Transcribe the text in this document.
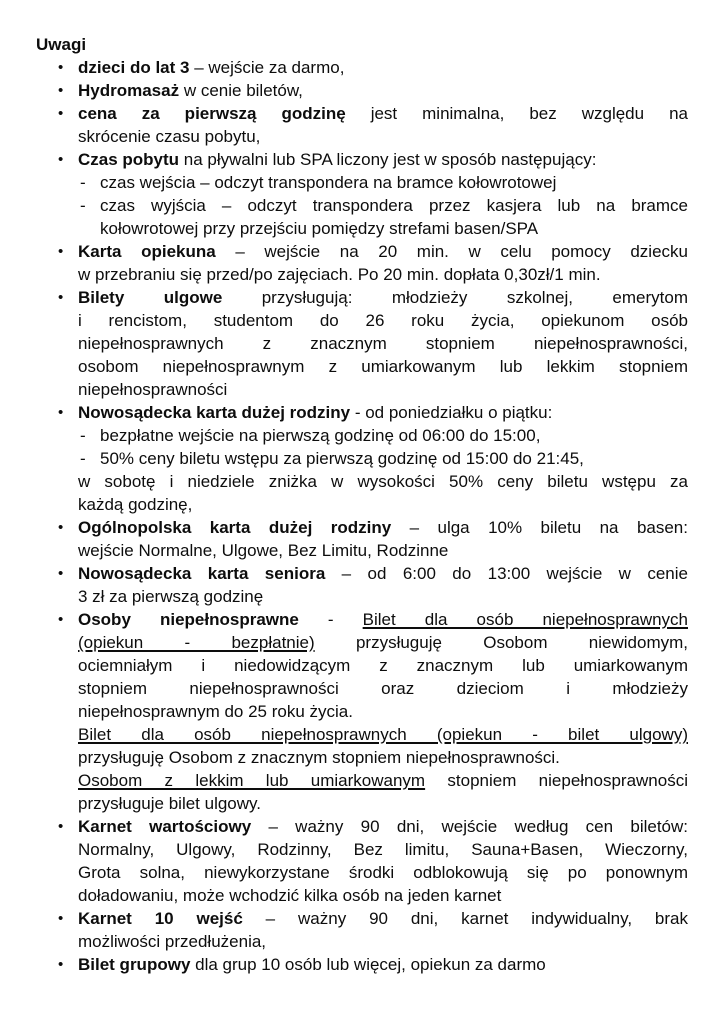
Uwagi
• dzieci do lat 3 – wejście za darmo,
• Hydromasaż w cenie biletów,
• cena za pierwszą godzinę jest minimalna, bez względu na
skrócenie czasu pobytu,
• Czas pobytu na pływalni lub SPA liczony jest w sposób następujący:
- czas wejścia – odczyt transpondera na bramce kołowrotowej
- czas wyjścia – odczyt transpondera przez kasjera lub na bramce
kołowrotowej przy przejściu pomiędzy strefami basen/SPA
• Karta opiekuna – wejście na 20 min. w celu pomocy dziecku
w przebraniu się przed/po zajęciach. Po 20 min. dopłata 0,30zł/1 min.
• Bilety ulgowe przysługują: młodzieży szkolnej, emerytom
i rencistom, studentom do 26 roku życia, opiekunom osób
niepełnosprawnych z znacznym stopniem niepełnosprawności,
osobom niepełnosprawnym z umiarkowanym lub lekkim stopniem
niepełnosprawności
• Nowosądecka karta dużej rodziny - od poniedziałku o piątku:
- bezpłatne wejście na pierwszą godzinę od 06:00 do 15:00,
- 50% ceny biletu wstępu za pierwszą godzinę od 15:00 do 21:45,
w sobotę i niedziele zniżka w wysokości 50% ceny biletu wstępu za
każdą godzinę,
• Ogólnopolska karta dużej rodziny – ulga 10% biletu na basen:
wejście Normalne, Ulgowe, Bez Limitu, Rodzinne
• Nowosądecka karta seniora – od 6:00 do 13:00 wejście w cenie
3 zł za pierwszą godzinę
• Osoby niepełnosprawne - Bilet dla osób niepełnosprawnych
(opiekun - bezpłatnie) przysługuję Osobom niewidomym,
ociemniałym i niedowidzącym z znacznym lub umiarkowanym
stopniem niepełnosprawności oraz dzieciom i młodzieży
niepełnosprawnym do 25 roku życia.
Bilet dla osób niepełnosprawnych (opiekun - bilet ulgowy)
przysługuję Osobom z znacznym stopniem niepełnosprawności.
Osobom z lekkim lub umiarkowanym stopniem niepełnosprawności
przysługuje bilet ulgowy.
• Karnet wartościowy – ważny 90 dni, wejście według cen biletów:
Normalny, Ulgowy, Rodzinny, Bez limitu, Sauna+Basen, Wieczorny,
Grota solna, niewykorzystane środki odblokowują się po ponownym
doładowaniu, może wchodzić kilka osób na jeden karnet
• Karnet 10 wejść – ważny 90 dni, karnet indywidualny, brak
możliwości przedłużenia,
• Bilet grupowy dla grup 10 osób lub więcej, opiekun za darmo
